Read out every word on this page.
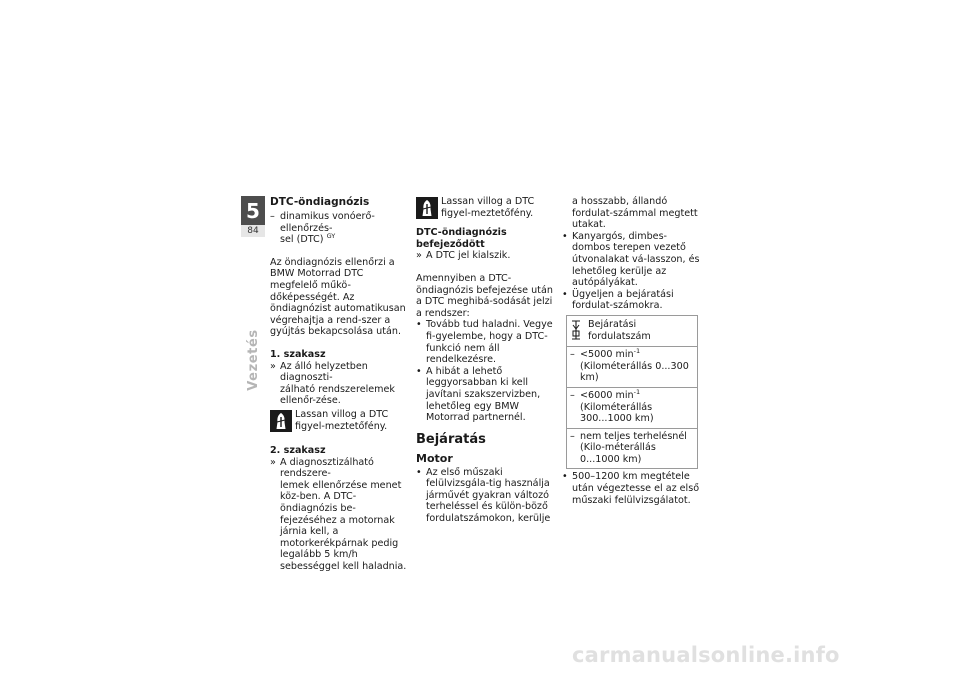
5
84
Vezetés
DTC-öndiagnózis
– dinamikus vonóerő-ellenőrzés-
sel (DTC) $^{GY}$

Az öndiagnózis ellenőrzi a BMW Motorrad DTC megfelelő műkö-dőképességét. Az öndiagnózist automatikusan végrehajtja a rend-szer a gyújtás bekapcsolása után.

1. szakasz
» Az álló helyzetben diagnoszti-
zálható rendszerelemek ellenőr-zése.
Lassan villog a DTC figyel-meztetőfény.
2. szakasz
» A diagnosztizálható rendszere-
lemek ellenőrzése menet köz-ben. A DTC-öndiagnózis be-fejezéséhez a motornak járnia kell, a motorkerékpárnak pedig legalább 5 km/h sebességgel kell haladnia.
Lassan villog a DTC figyel-meztetőfény.
DTC-öndiagnózis befejeződött
» A DTC jel kialszik.

Amennyiben a DTC-öndiagnózis befejezése után a DTC meghibá-sodását jelzi a rendszer:

• Tovább tud haladni. Vegye fi-gyelembe, hogy a DTC-funkció nem áll rendelkezésre.
• A hibát a lehető leggyorsabban ki kell javítani szakszervizben, lehetőleg egy BMW Motorrad partnernél.
Bejáratás
Motor
• Az első műszaki felülvizsgála-tig használja járművét gyakran változó terheléssel és külön-böző fordulatszámokon, kerülje

a hosszabb, állandó fordulat-számmal megtett utakat.

• Kanyargós, dimbes-dombos terepen vezető útvonalakat vá-lasszon, és lehetőleg kerülje az autópályákat.
• Ügyeljen a bejáratási fordulat-számokra.
Bejáratási fordulatszám
– <5000 $\min^{-1}$ (Kilométerállás 0...300 km)
– <6000 $\min^{-1}$ (Kilométerállás 300...1000 km)
– nem teljes terhelésnél (Kilo-méterállás 0...1000 km)
• 500–1200 km megtétele után végeztesse el az első műszaki felülvizsgálatot.
carmanualsonline.info
